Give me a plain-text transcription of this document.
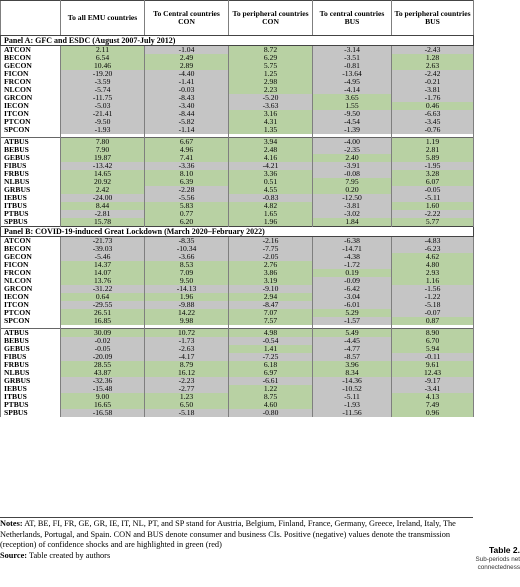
	To all EMU countries	To Central countries CON	To peripheral countries CON	To central countries BUS	To peripheral countries BUS
Panel A: GFC and ESDC (August 2007-July 2012)					
ATCON	2.11	-1.04	8.72	-3.14	-2.43
BECON	6.54	2.49	6.29	-3.51	1.28
GECON	10.46	2.89	5.75	-0.81	2.63
FICON	-19.20	-4.40	1.25	-13.64	-2.42
FRCON	-3.59	-1.41	2.98	-4.95	-0.21
NLCON	-5.74	-0.03	2.23	-4.14	-3.81
GRCON	-11.75	-8.43	-5.20	3.65	-1.76
IECON	-5.03	-3.40	-3.63	1.55	0.46
ITCON	-21.41	-8.44	3.16	-9.50	-6.63
PTCON	-9.50	-5.82	4.31	-4.54	-3.45
SPCON	-1.93	-1.14	1.35	-1.39	-0.76

ATBUS	7.80	6.67	3.94	-4.00	1.19
BEBUS	7.90	4.96	2.48	-2.35	2.81
GEBUS	19.87	7.41	4.16	2.40	5.89
FIBUS	-13.42	-3.36	-4.21	-3.91	-1.95
FRBUS	14.65	8.10	3.36	-0.08	3.28
NLBUS	20.92	6.39	0.51	7.95	6.07
GRBUS	2.42	-2.28	4.55	0.20	-0.05
IEBUS	-24.00	-5.56	-0.83	-12.50	-5.11
ITBUS	8.44	5.83	4.82	-3.81	1.60
PTBUS	-2.81	0.77	1.65	-3.02	-2.22
SPBUS	15.78	6.20	1.96	1.84	5.77
Panel B: COVID-19-induced Great Lockdown (March 2020–February 2022)					
ATCON	-21.73	-8.35	-2.16	-6.38	-4.83
BECON	-39.03	-10.34	-7.75	-14.71	-6.23
GECON	-5.46	-3.66	-2.05	-4.38	4.62
FICON	14.37	8.53	2.76	-1.72	4.80
FRCON	14.07	7.09	3.86	0.19	2.93
NLCON	13.76	9.50	3.19	-0.09	1.16
GRCON	-31.22	-14.13	-9.10	-6.42	-1.56
IECON	0.64	1.96	2.94	-3.04	-1.22
ITCON	-29.55	-9.88	-8.47	-6.01	-5.18
PTCON	26.51	14.22	7.07	5.29	-0.07
SPCON	16.85	9.98	7.57	-1.57	0.87

ATBUS	30.09	10.72	4.98	5.49	8.90
BEBUS	-0.02	-1.73	-0.54	-4.45	6.70
GEBUS	-0.05	-2.63	1.41	-4.77	5.94
FIBUS	-20.09	-4.17	-7.25	-8.57	-0.11
FRBUS	28.55	8.79	6.18	3.96	9.61
NLBUS	43.87	16.12	6.97	8.34	12.43
GRBUS	-32.36	-2.23	-6.61	-14.36	-9.17
IEBUS	-15.48	-2.77	1.22	-10.52	-3.41
ITBUS	9.00	1.23	8.75	-5.11	4.13
PTBUS	16.65	6.50	4.60	-1.93	7.49
SPBUS	-16.58	-5.18	-0.80	-11.56	0.96
Notes: AT, BE, FI, FR, GE, GR, IE, IT, NL, PT, and SP stand for Austria, Belgium, Finland, France, Germany, Greece, Ireland, Italy, The Netherlands, Portugal, and Spain. CON and BUS denote consumer and business CIs. Positive (negative) values denote the transmission (reception) of confidence shocks and are highlighted in green (red)
Source: Table created by authors	Table 2.
Sub-periods net
connectedness
